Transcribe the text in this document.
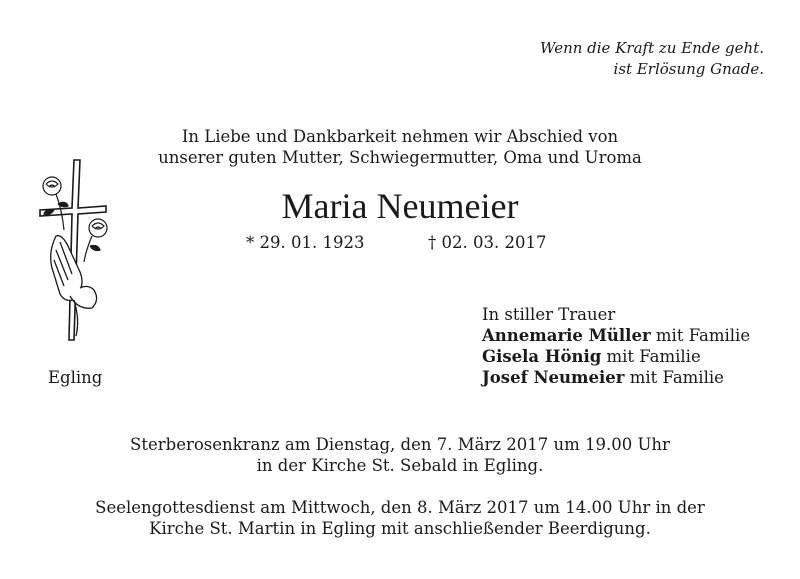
Wenn die Kraft zu Ende geht.
ist Erlösung Gnade.
In Liebe und Dankbarkeit nehmen wir Abschied von
unserer guten Mutter, Schwiegermutter, Oma und Uroma
Maria Neumeier
* 29. 01. 1923	† 02. 03. 2017
Egling
In stiller Trauer
Annemarie Müller mit Familie
Gisela Hönig mit Familie
Josef Neumeier mit Familie
Sterberosenkranz am Dienstag, den 7. März 2017 um 19.00 Uhr
in der Kirche St. Sebald in Egling.
Seelengottesdienst am Mittwoch, den 8. März 2017 um 14.00 Uhr in der
Kirche St. Martin in Egling mit anschließender Beerdigung.
